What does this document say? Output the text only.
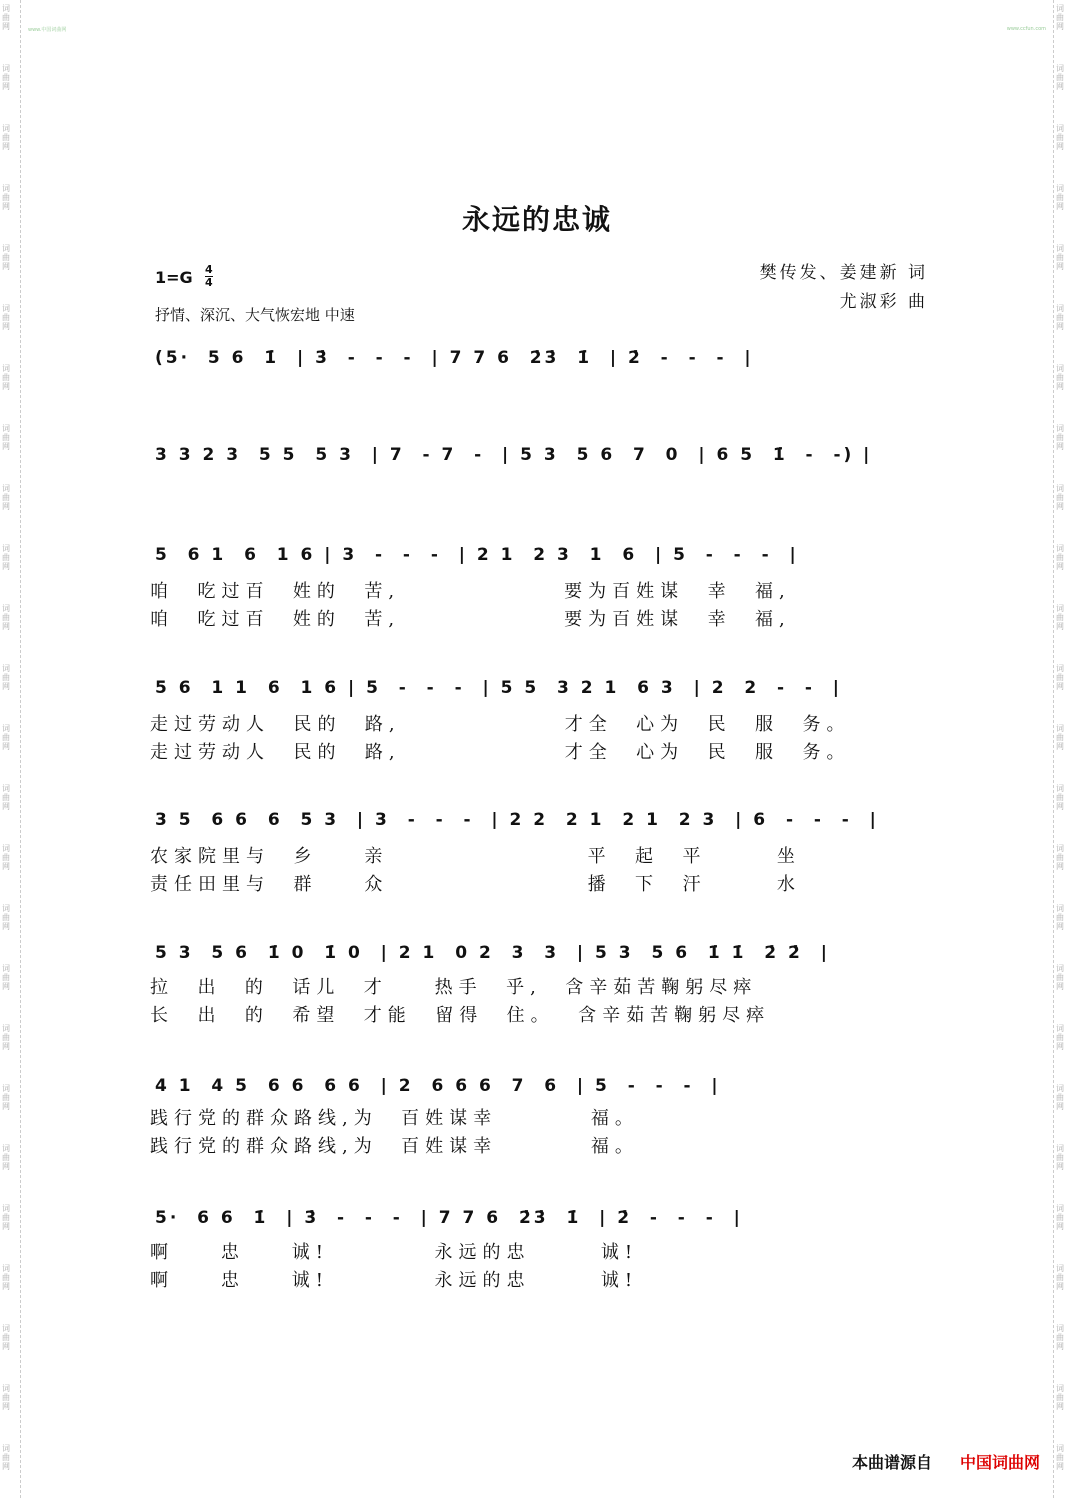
词
曲
网
词
曲
网
词
曲
网
词
曲
网
词
曲
网
词
曲
网
词
曲
网
词
曲
网
词
曲
网
词
曲
网
词
曲
网
词
曲
网
词
曲
网
词
曲
网
词
曲
网
词
曲
网
词
曲
网
词
曲
网
词
曲
网
词
曲
网
词
曲
网
词
曲
网
词
曲
网
词
曲
网
词
曲
网
词
曲
网
词
曲
网
词
曲
网
词
曲
网
词
曲
网
词
曲
网
词
曲
网
词
曲
网
词
曲
网
词
曲
网
词
曲
网
词
曲
网
词
曲
网
词
曲
网
词
曲
网
词
曲
网
词
曲
网
词
曲
网
词
曲
网
词
曲
网
词
曲
网
词
曲
网
词
曲
网
词
曲
网
词
曲
网
www.中国词曲网	www.ccfun.com
永远的忠诚
樊传发、姜建新 词
尤淑彩 曲
1=G 4
4
抒情、深沉、大气恢宏地 中速
(5·  5 6  1̇  | 3̇  -  -  -  | 7 7 6  2̇3̇  1̇  | 2̇  -  -  -  |
3 3 2 3  5 5  5 3  | 7  - 7  -  | 5 3  5 6  7  0  | 6 5  1̇  -  -) |
5  6 1  6  1 6 | 3  -  -  -  | 2 1  2 3  1  6  | 5  -  -  -  |
咱  吃过百  姓的  苦,              要为百姓谋  幸  福,
咱  吃过百  姓的  苦,              要为百姓谋  幸  福,
5 6  1 1  6  1 6 | 5  -  -  -  | 5 5  3 2 1  6 3  | 2  2  -  -  |
走过劳动人  民的  路,              才全  心为  民  服  务。
走过劳动人  民的  路,              才全  心为  民  服  务。
3 5  6 6  6  5 3  | 3  -  -  -  | 2 2  2 1  2 1  2 3  | 6  -  -  -  |
农家院里与  乡    亲                 平  起  平      坐
责任田里与  群    众                 播  下  汗      水
5 3  5 6  1̇ 0  1̇ 0  | 2 1  0 2  3  3  | 5 3  5 6  1̇ 1̇  2̇ 2̇  |
拉  出  的  话儿  才    热手  乎,  含辛茹苦鞠躬尽瘁
长  出  的  希望  才能  留得  住。  含辛茹苦鞠躬尽瘁
4 1  4 5  6 6  6 6  | 2  6 6 6  7  6  | 5  -  -  -  |
践行党的群众路线,为  百姓谋幸        福。
践行党的群众路线,为  百姓谋幸        福。
5·  6 6  1̇  | 3̇  -  -  -  | 7 7 6  2̇3̇  1̇  | 2̇  -  -  -  |
啊    忠    诚!         永远的忠      诚!
啊    忠    诚!         永远的忠      诚!
本曲谱源自 中国词曲网
